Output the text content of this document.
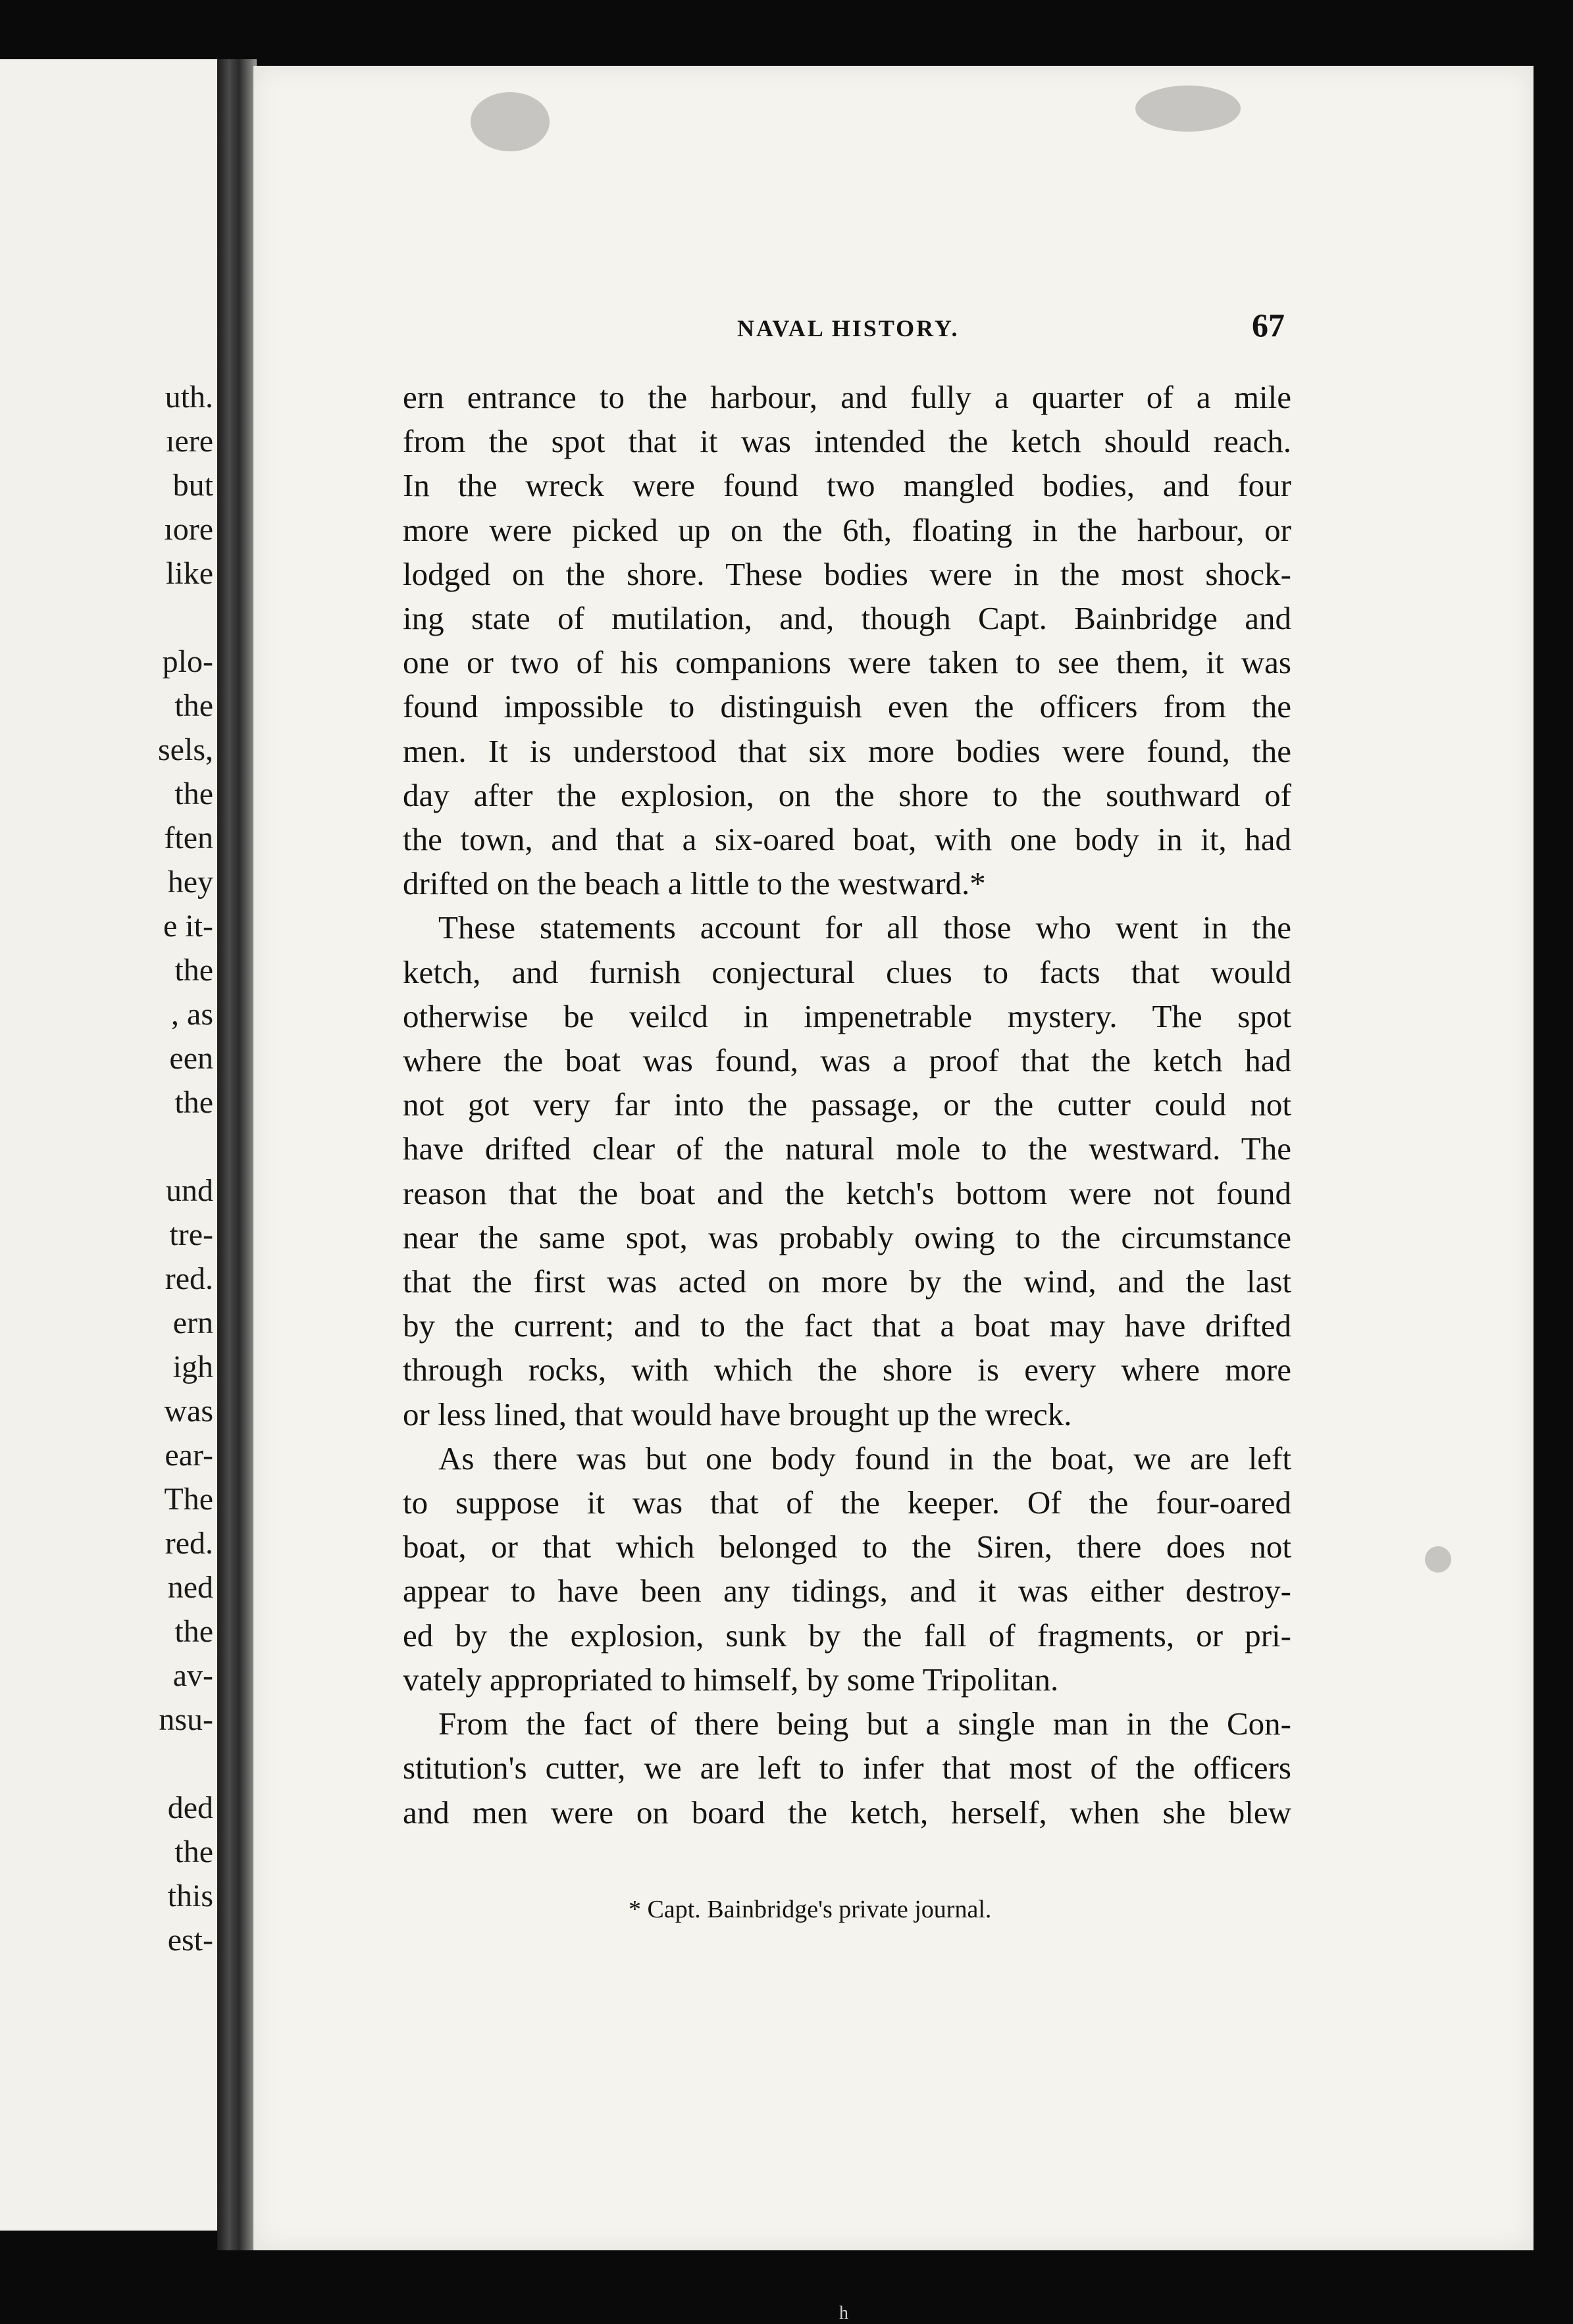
uth.
ıere
but
ıore
like
plo-
the
sels,
the
ften
hey
e it-
the
, as
een
the
und
tre-
red.
ern
igh
was
ear-
The
red.
ned
the
av-
nsu-
ded
the
this
est-
NAVAL HISTORY.	67
ern entrance to the harbour, and fully a quarter of a mile
from the spot that it was intended the ketch should reach.
In the wreck were found two mangled bodies, and four
more were picked up on the 6th, floating in the harbour, or
lodged on the shore. These bodies were in the most shock-
ing state of mutilation, and, though Capt. Bainbridge and
one or two of his companions were taken to see them, it was
found impossible to distinguish even the officers from the
men. It is understood that six more bodies were found, the
day after the explosion, on the shore to the southward of
the town, and that a six-oared boat, with one body in it, had
drifted on the beach a little to the westward.*
These statements account for all those who went in the
ketch, and furnish conjectural clues to facts that would
otherwise be veilcd in impenetrable mystery. The spot
where the boat was found, was a proof that the ketch had
not got very far into the passage, or the cutter could not
have drifted clear of the natural mole to the westward. The
reason that the boat and the ketch's bottom were not found
near the same spot, was probably owing to the circumstance
that the first was acted on more by the wind, and the last
by the current; and to the fact that a boat may have drifted
through rocks, with which the shore is every where more
or less lined, that would have brought up the wreck.
As there was but one body found in the boat, we are left
to suppose it was that of the keeper. Of the four-oared
boat, or that which belonged to the Siren, there does not
appear to have been any tidings, and it was either destroy-
ed by the explosion, sunk by the fall of fragments, or pri-
vately appropriated to himself, by some Tripolitan.
From the fact of there being but a single man in the Con-
stitution's cutter, we are left to infer that most of the officers
and men were on board the ketch, herself, when she blew
* Capt. Bainbridge's private journal.
h
